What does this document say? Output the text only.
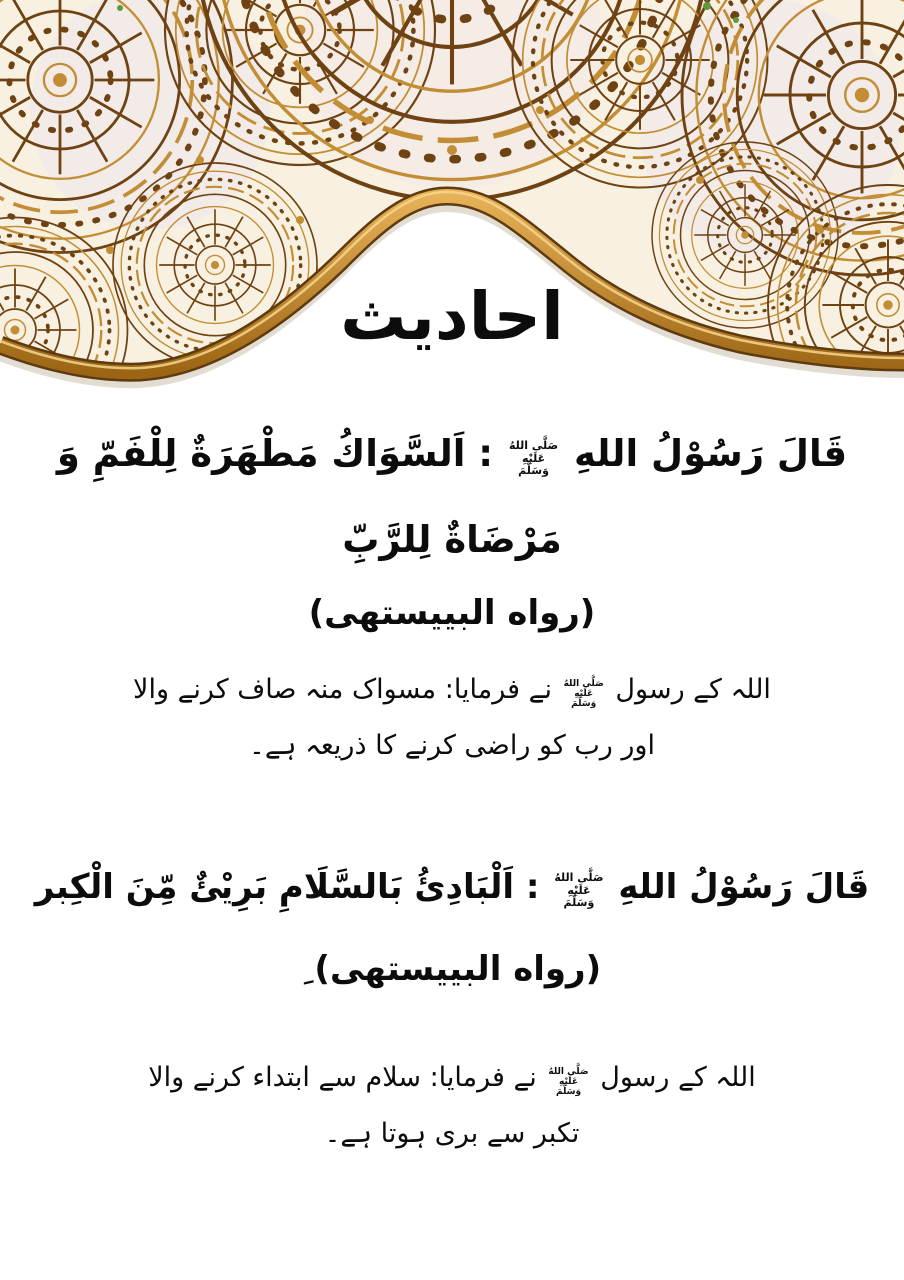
احادیث
قَالَ رَسُوْلُ اللهِ
صَلَّى اللهُ
عَلَيْهِ
وَسَلَّمَ
: اَلسَّوَاكُ مَطْهَرَةٌ لِلْفَمِّ وَ
مَرْضَاةٌ لِلرَّبِّ
(رواه البييستهى)
اللہ کے رسول
صَلَّى اللهُ
عَلَيْهِ
وَسَلَّمَ
نے فرمایا: مسواک منہ صاف کرنے والا
اور رب کو راضی کرنے کا ذریعہ ہے۔
قَالَ رَسُوْلُ اللهِ
صَلَّى اللهُ
عَلَيْهِ
وَسَلَّمَ
: اَلْبَادِئُ بَالسَّلَامِ بَرِيْئٌ مِّنَ الْكِبر
(رواه البييستهى) ِ
اللہ کے رسول
صَلَّى اللهُ
عَلَيْهِ
وَسَلَّمَ
نے فرمایا: سلام سے ابتداء کرنے والا
تکبر سے بری ہوتا ہے۔
